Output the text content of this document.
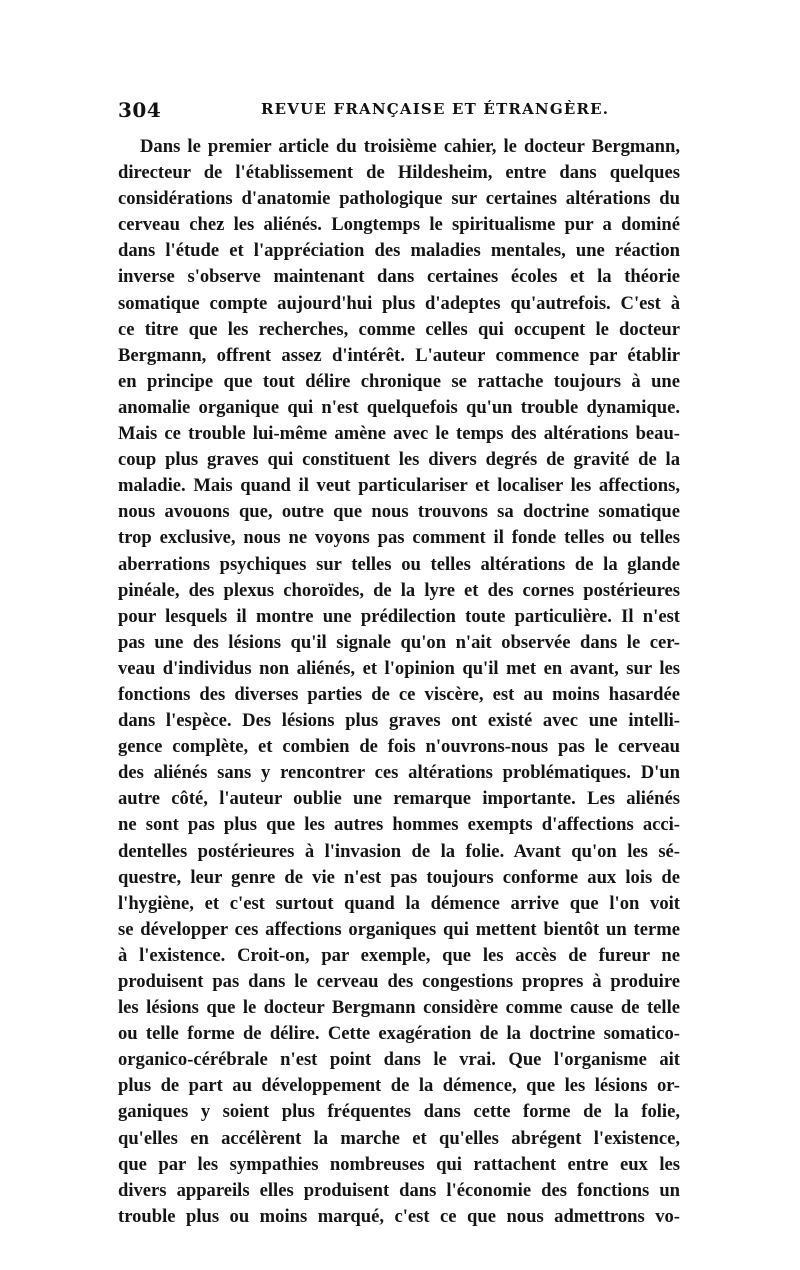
304	REVUE FRANÇAISE ET ÉTRANGÈRE.
Dans le premier article du troisième cahier, le docteur Bergmann,
directeur de l'établissement de Hildesheim, entre dans quelques
considérations d'anatomie pathologique sur certaines altérations du
cerveau chez les aliénés. Longtemps le spiritualisme pur a dominé
dans l'étude et l'appréciation des maladies mentales, une réaction
inverse s'observe maintenant dans certaines écoles et la théorie
somatique compte aujourd'hui plus d'adeptes qu'autrefois. C'est à
ce titre que les recherches, comme celles qui occupent le docteur
Bergmann, offrent assez d'intérêt. L'auteur commence par établir
en principe que tout délire chronique se rattache toujours à une
anomalie organique qui n'est quelquefois qu'un trouble dynamique.
Mais ce trouble lui-même amène avec le temps des altérations beau-
coup plus graves qui constituent les divers degrés de gravité de la
maladie. Mais quand il veut particulariser et localiser les affections,
nous avouons que, outre que nous trouvons sa doctrine somatique
trop exclusive, nous ne voyons pas comment il fonde telles ou telles
aberrations psychiques sur telles ou telles altérations de la glande
pinéale, des plexus choroïdes, de la lyre et des cornes postérieures
pour lesquels il montre une prédilection toute particulière. Il n'est
pas une des lésions qu'il signale qu'on n'ait observée dans le cer-
veau d'individus non aliénés, et l'opinion qu'il met en avant, sur les
fonctions des diverses parties de ce viscère, est au moins hasardée
dans l'espèce. Des lésions plus graves ont existé avec une intelli-
gence complète, et combien de fois n'ouvrons-nous pas le cerveau
des aliénés sans y rencontrer ces altérations problématiques. D'un
autre côté, l'auteur oublie une remarque importante. Les aliénés
ne sont pas plus que les autres hommes exempts d'affections acci-
dentelles postérieures à l'invasion de la folie. Avant qu'on les sé-
questre, leur genre de vie n'est pas toujours conforme aux lois de
l'hygiène, et c'est surtout quand la démence arrive que l'on voit
se développer ces affections organiques qui mettent bientôt un terme
à l'existence. Croit-on, par exemple, que les accès de fureur ne
produisent pas dans le cerveau des congestions propres à produire
les lésions que le docteur Bergmann considère comme cause de telle
ou telle forme de délire. Cette exagération de la doctrine somatico-
organico-cérébrale n'est point dans le vrai. Que l'organisme ait
plus de part au développement de la démence, que les lésions or-
ganiques y soient plus fréquentes dans cette forme de la folie,
qu'elles en accélèrent la marche et qu'elles abrégent l'existence,
que par les sympathies nombreuses qui rattachent entre eux les
divers appareils elles produisent dans l'économie des fonctions un
trouble plus ou moins marqué, c'est ce que nous admettrons vo-
